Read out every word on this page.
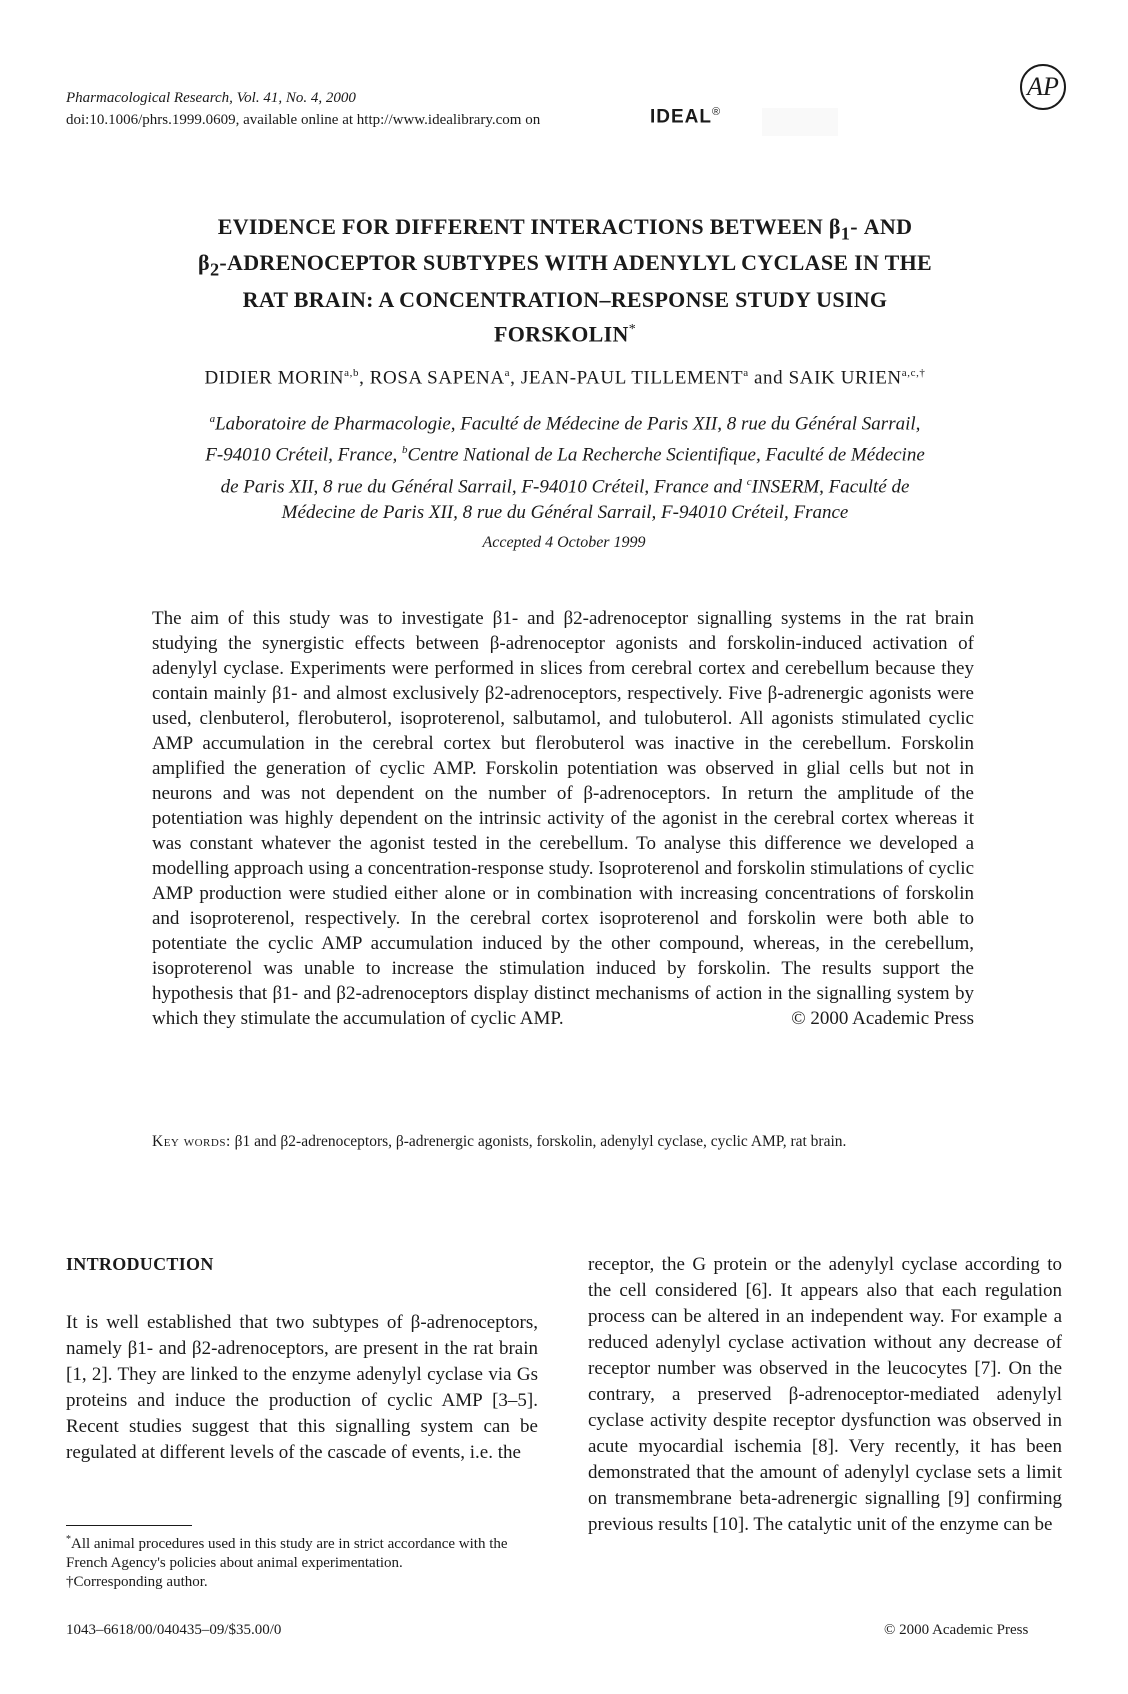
Pharmacological Research, Vol. 41, No. 4, 2000
doi:10.1006/phrs.1999.0609, available online at http://www.idealibrary.com on	IDEAL®
AP
EVIDENCE FOR DIFFERENT INTERACTIONS BETWEEN $\beta_1-$ AND
$\beta_2$-ADRENOCEPTOR SUBTYPES WITH ADENYLYL CYCLASE IN THE
RAT BRAIN: A CONCENTRATION–RESPONSE STUDY USING
FORSKOLIN*
DIDIER MORIN$^{a,b}$, ROSA SAPENA$^a$, JEAN-PAUL TILLEMENT$^a$ and SAIK $URIEN^{a,c,\dagger}$
$^a$Laboratoire de Pharmacologie, Faculté de Médecine de Paris XII, 8 rue du Général Sarrail,
F-94010 Créteil, France, $^b$Centre National de La Recherche Scientifique, Faculté de Médecine
de Paris XII, 8 rue du Général Sarrail, F-94010 Créteil, France and $^c$INSERM, Faculté de
Médecine de Paris XII, 8 rue du Général Sarrail, F-94010 Créteil, France
Accepted 4 October 1999

The aim of this study was to investigate β1- and β2-adrenoceptor signalling systems in the rat brain studying the synergistic effects between β-adrenoceptor agonists and forskolin-induced activation of adenylyl cyclase. Experiments were performed in slices from cerebral cortex and cerebellum because they contain mainly β1- and almost exclusively β2-adrenoceptors, respectively. Five β-adrenergic agonists were used, clenbuterol, flerobuterol, isoproterenol, salbutamol, and tulobuterol. All agonists stimulated cyclic AMP accumulation in the cerebral cortex but flerobuterol was inactive in the cerebellum. Forskolin amplified the generation of cyclic AMP. Forskolin potentiation was observed in glial cells but not in neurons and was not dependent on the number of β-adrenoceptors. In return the amplitude of the potentiation was highly dependent on the intrinsic activity of the agonist in the cerebral cortex whereas it was constant whatever the agonist tested in the cerebellum. To analyse this difference we developed a modelling approach using a concentration-response study. Isoproterenol and forskolin stimulations of cyclic AMP production were studied either alone or in combination with increasing concentrations of forskolin and isoproterenol, respectively. In the cerebral cortex isoproterenol and forskolin were both able to potentiate the cyclic AMP accumulation induced by the other compound, whereas, in the cerebellum, isoproterenol was unable to increase the stimulation induced by forskolin. The results support the hypothesis that β1- and β2-adrenoceptors display distinct mechanisms of action in the signalling system by which they stimulate the accumulation of cyclic AMP.	© 2000 Academic Press

Key words: β1 and β2-adrenoceptors, β-adrenergic agonists, forskolin, adenylyl cyclase, cyclic AMP, rat brain.
INTRODUCTION
It is well established that two subtypes of β-adrenoceptors, namely β1- and β2-adrenoceptors, are present in the rat brain [1, 2]. They are linked to the enzyme adenylyl cyclase via Gs proteins and induce the production of cyclic AMP [3–5]. Recent studies suggest that this signalling system can be regulated at different levels of the cascade of events, i.e. the
receptor, the G protein or the adenylyl cyclase according to the cell considered [6]. It appears also that each regulation process can be altered in an independent way. For example a reduced adenylyl cyclase activation without any decrease of receptor number was observed in the leucocytes [7]. On the contrary, a preserved β-adrenoceptor-mediated adenylyl cyclase activity despite receptor dysfunction was observed in acute myocardial ischemia [8]. Very recently, it has been demonstrated that the amount of adenylyl cyclase sets a limit on transmembrane beta-adrenergic signalling [9] confirming previous results [10]. The catalytic unit of the enzyme can be
*All animal procedures used in this study are in strict accordance with the French Agency's policies about animal experimentation.
†Corresponding author.
1043–6618/00/040435–09/$35.00/0	© 2000 Academic Press
